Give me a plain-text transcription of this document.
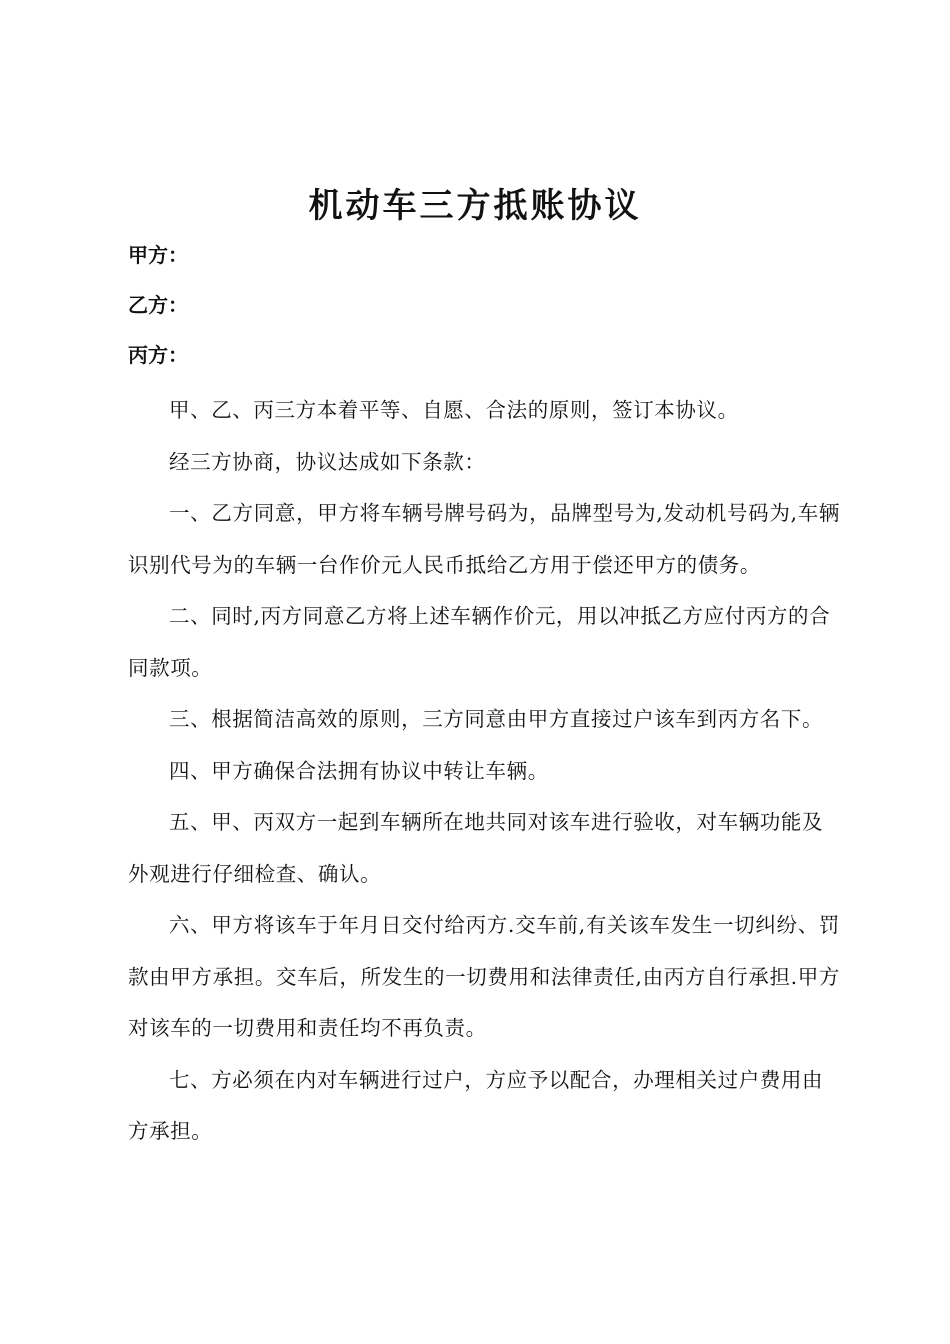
机动车三方抵账协议

甲方：

乙方：

丙方：

甲、乙、丙三方本着平等、自愿、合法的原则，签订本协议。

经三方协商，协议达成如下条款：

一、乙方同意，甲方将车辆号牌号码为，品牌型号为,发动机号码为,车辆识别代号为的车辆一台作价元人民币抵给乙方用于偿还甲方的债务。

二、同时,丙方同意乙方将上述车辆作价元，用以冲抵乙方应付丙方的合同款项。

三、根据简洁高效的原则，三方同意由甲方直接过户该车到丙方名下。

四、甲方确保合法拥有协议中转让车辆。

五、甲、丙双方一起到车辆所在地共同对该车进行验收，对车辆功能及外观进行仔细检查、确认。

六、甲方将该车于年月日交付给丙方.交车前,有关该车发生一切纠纷、罚款由甲方承担。交车后，所发生的一切费用和法律责任,由丙方自行承担.甲方对该车的一切费用和责任均不再负责。

七、方必须在内对车辆进行过户，方应予以配合，办理相关过户费用由方承担。
